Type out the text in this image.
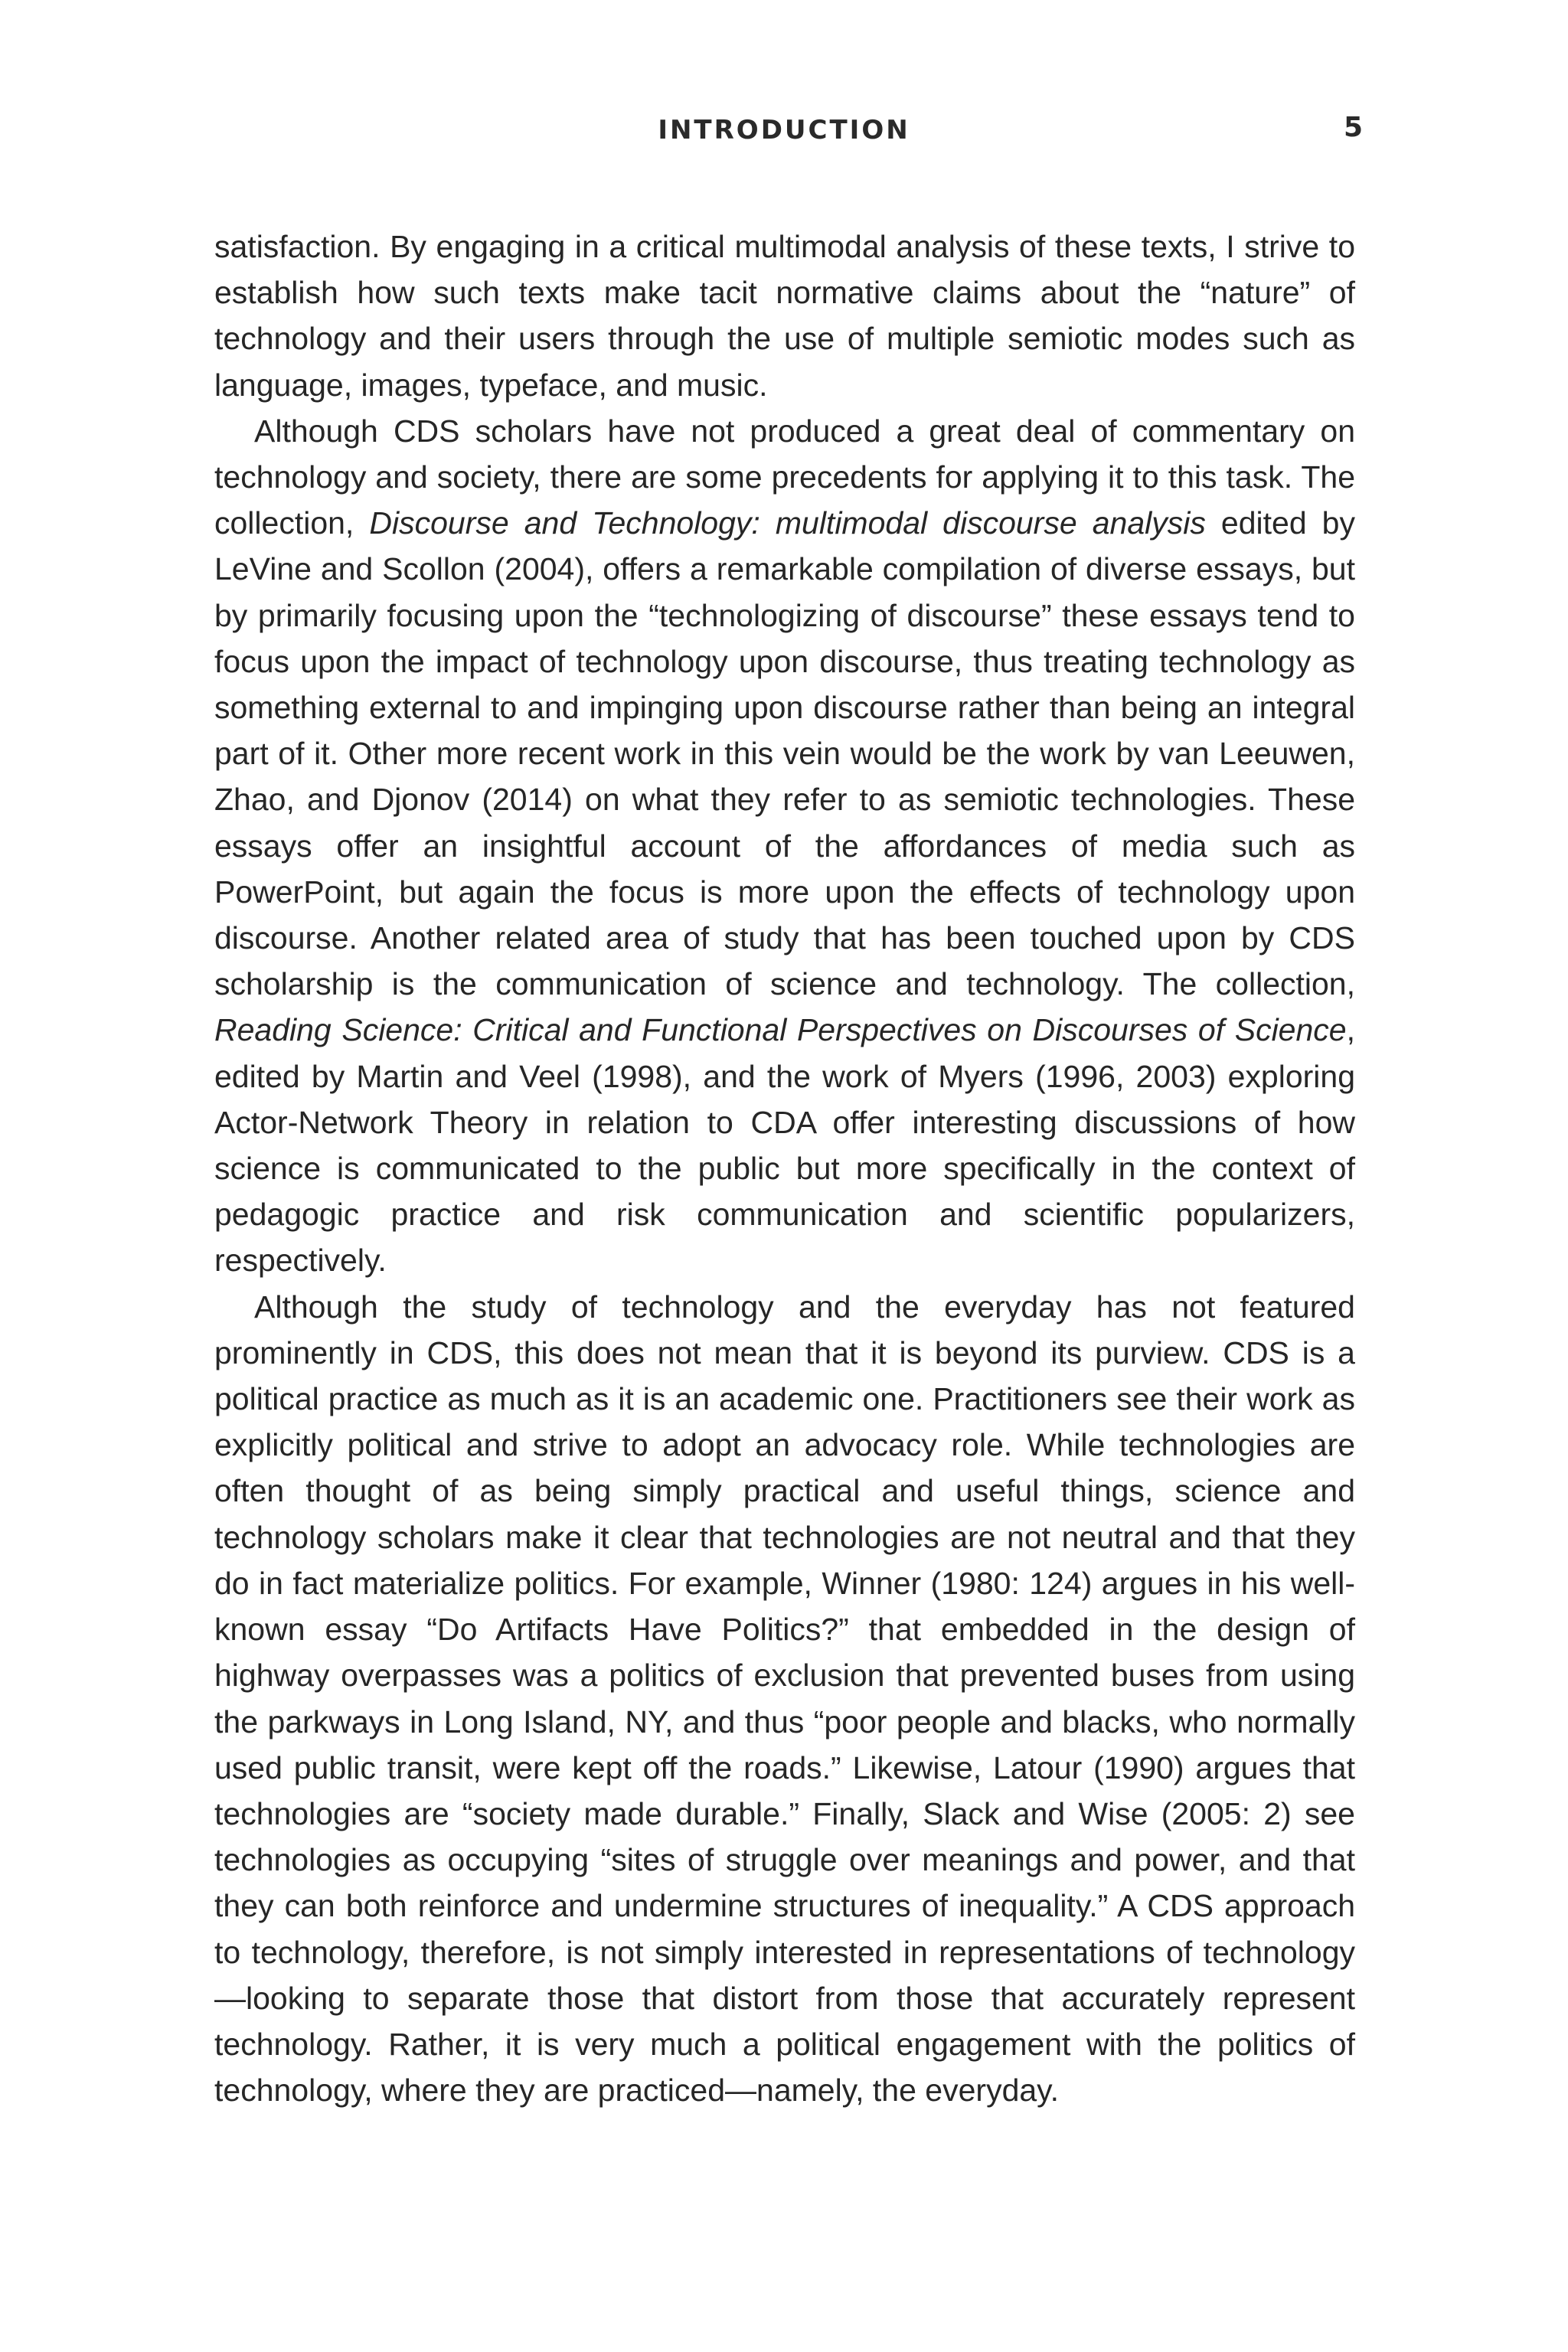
INTRODUCTION	5

satisfaction. By engaging in a critical multimodal analysis of these texts, I strive to establish how such texts make tacit normative claims about the “nature” of technology and their users through the use of multiple semiotic modes such as language, images, typeface, and music.

Although CDS scholars have not produced a great deal of commentary on technology and society, there are some precedents for applying it to this task. The collection, Discourse and Technology: multimodal discourse analysis edited by LeVine and Scollon (2004), offers a remarkable compilation of diverse essays, but by primarily focusing upon the “technologizing of discourse” these essays tend to focus upon the impact of technology upon discourse, thus treating technology as something external to and impinging upon discourse rather than being an integral part of it. Other more recent work in this vein would be the work by van Leeuwen, Zhao, and Djonov (2014) on what they refer to as semiotic technologies. These essays offer an insightful account of the affordances of media such as PowerPoint, but again the focus is more upon the effects of technology upon discourse. Another related area of study that has been touched upon by CDS scholarship is the communication of science and technology. The collection, Reading Science: Critical and Functional Perspectives on Discourses of Science, edited by Martin and Veel (1998), and the work of Myers (1996, 2003) exploring Actor-Network Theory in relation to CDA offer interesting discussions of how science is communicated to the public but more specifically in the context of pedagogic practice and risk communication and scientific popularizers, respectively.

Although the study of technology and the everyday has not featured prominently in CDS, this does not mean that it is beyond its purview. CDS is a political practice as much as it is an academic one. Practitioners see their work as explicitly political and strive to adopt an advocacy role. While technologies are often thought of as being simply practical and useful things, science and technology scholars make it clear that technologies are not neutral and that they do in fact materialize politics. For example, Winner (1980: 124) argues in his well-known essay “Do Artifacts Have Politics?” that embedded in the design of highway overpasses was a politics of exclusion that prevented buses from using the parkways in Long Island, NY, and thus “poor people and blacks, who normally used public transit, were kept off the roads.” Likewise, Latour (1990) argues that technologies are “society made durable.” Finally, Slack and Wise (2005: 2) see technologies as occupying “sites of struggle over meanings and power, and that they can both reinforce and undermine structures of inequality.” A CDS approach to technology, therefore, is not simply interested in representations of technology—looking to separate those that distort from those that accurately represent technology. Rather, it is very much a political engagement with the politics of technology, where they are practiced—namely, the everyday.
